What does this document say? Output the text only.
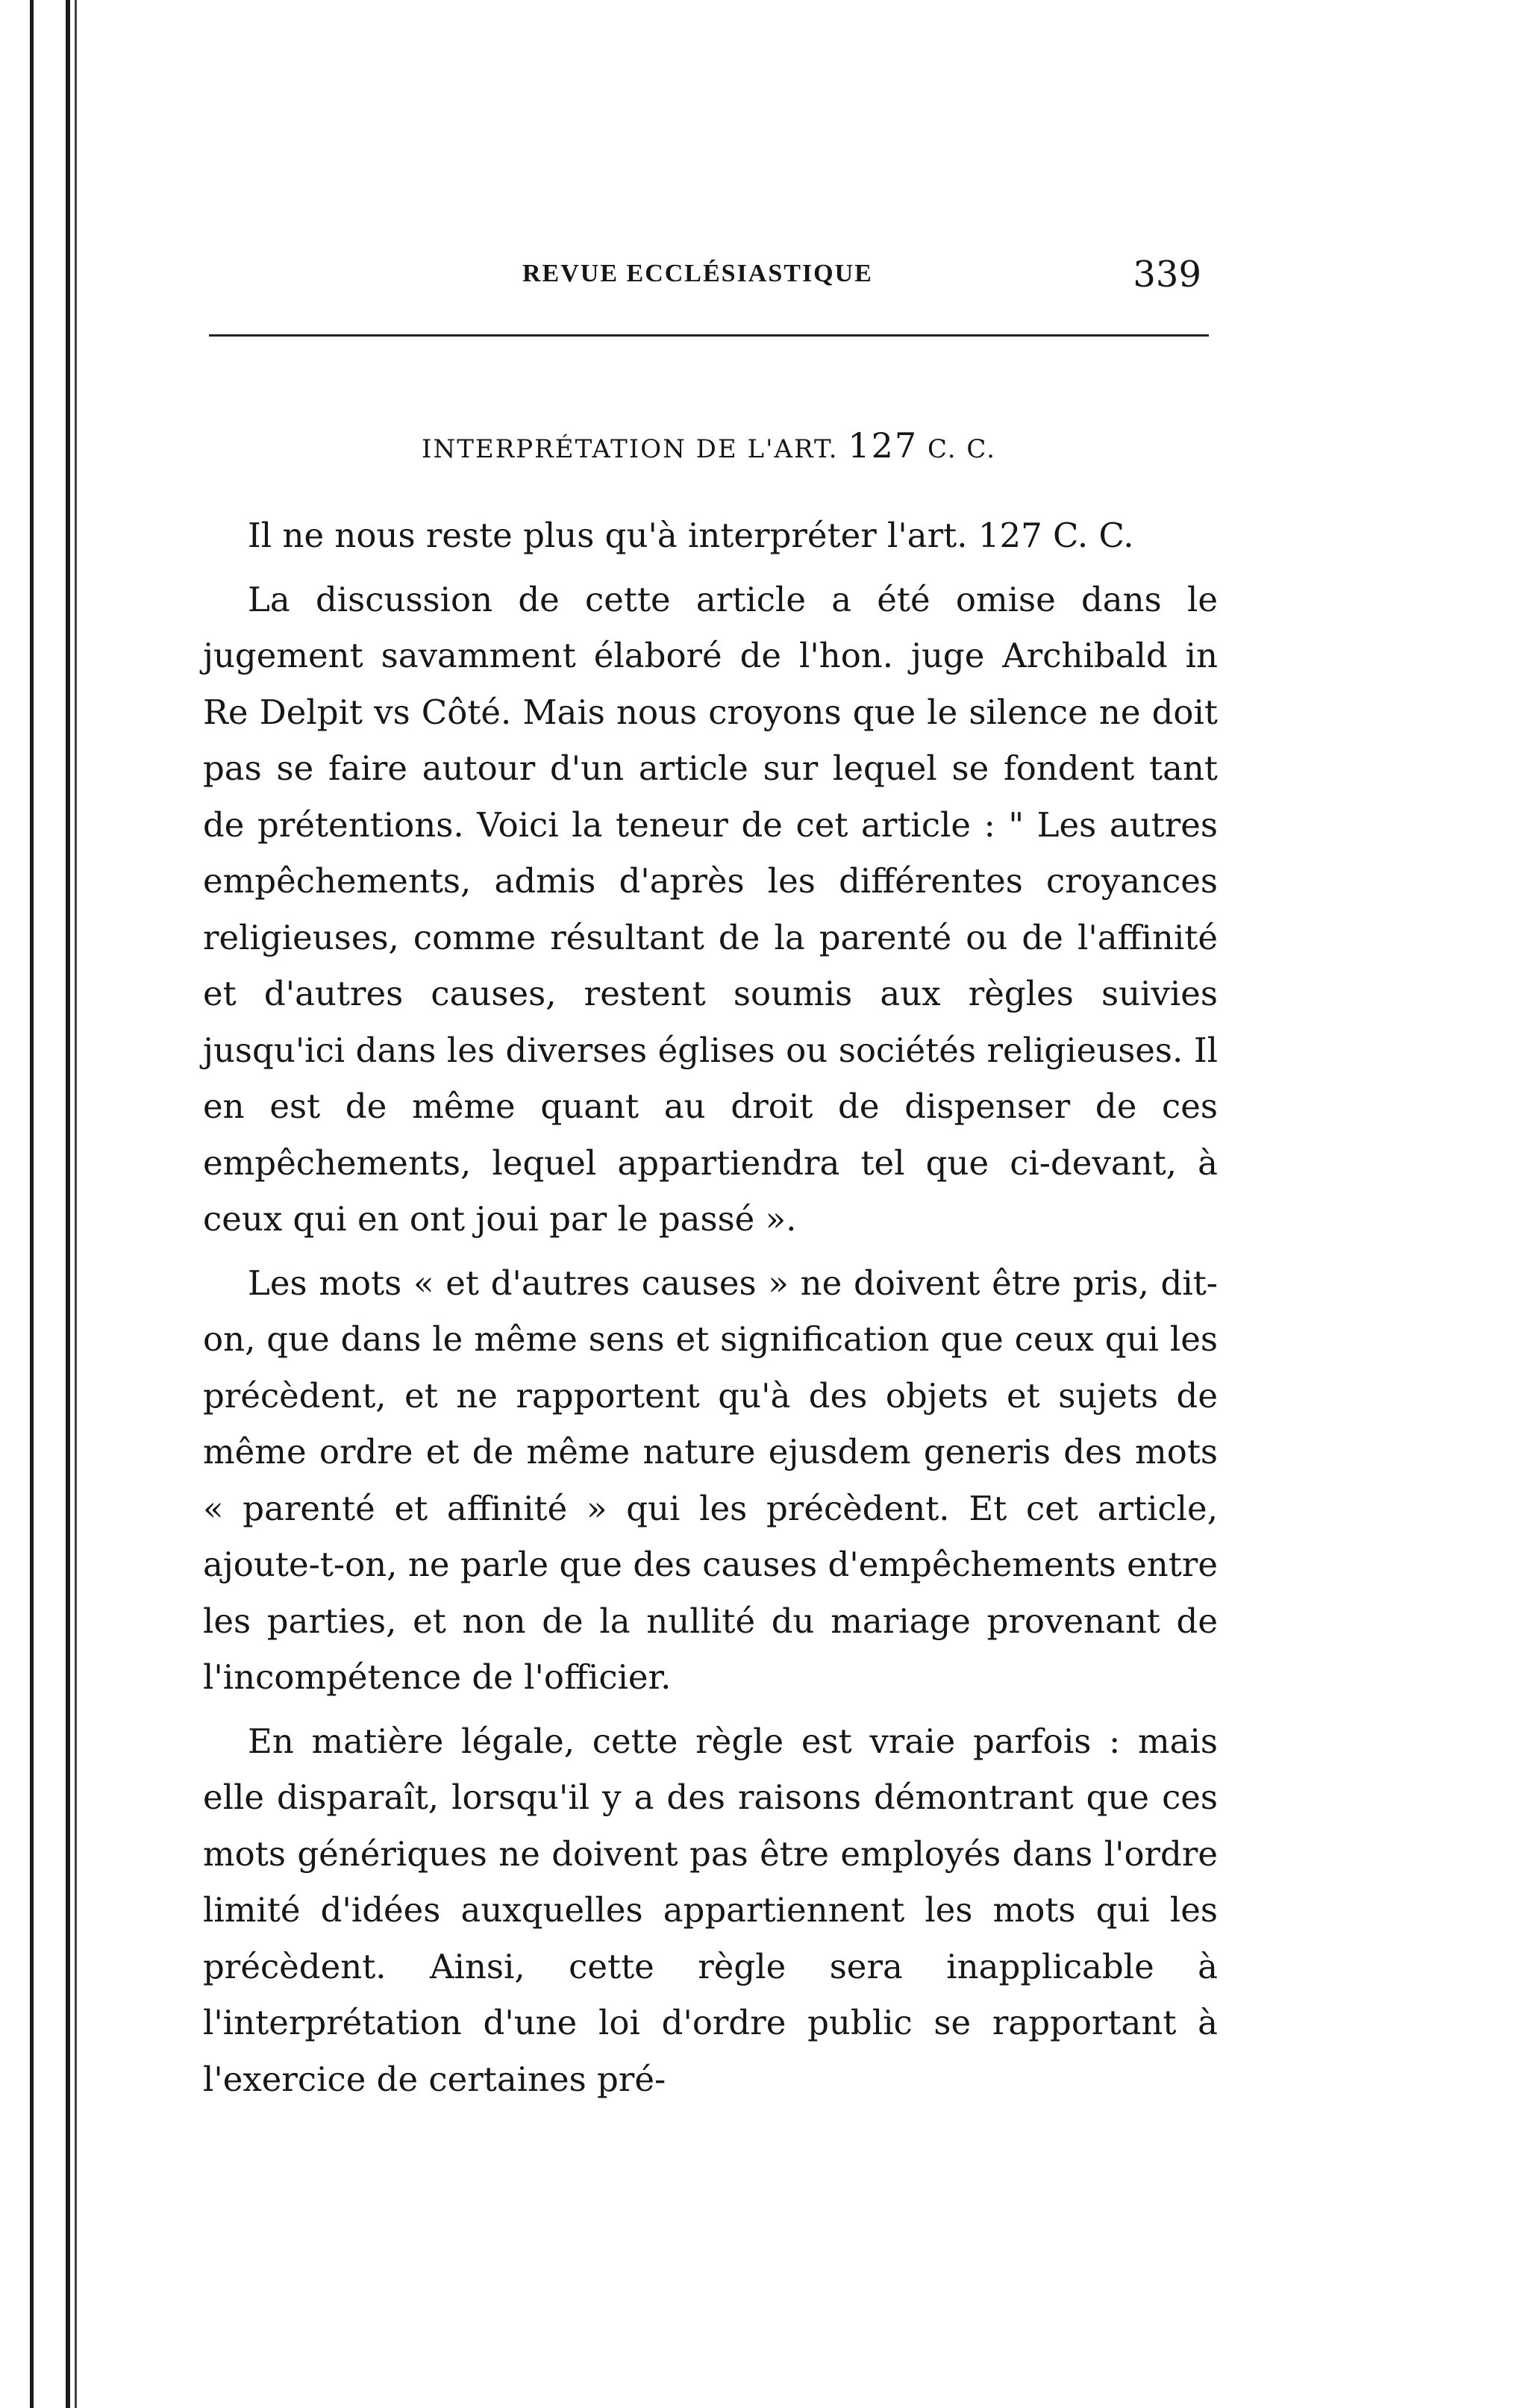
REVUE ECCLÉSIASTIQUE	339
INTERPRÉTATION DE L'ART. 127 C. C.

Il ne nous reste plus qu'à interpréter l'art. 127 C. C.

La discussion de cette article a été omise dans le jugement savamment élaboré de l'hon. juge Archibald in Re Delpit vs Côté. Mais nous croyons que le silence ne doit pas se faire autour d'un article sur lequel se fondent tant de prétentions. Voici la teneur de cet article : " Les autres empêchements, admis d'après les différentes croyances religieuses, comme résultant de la parenté ou de l'affinité et d'autres causes, restent soumis aux règles suivies jusqu'ici dans les diverses églises ou sociétés religieuses. Il en est de même quant au droit de dispenser de ces empêchements, lequel appartiendra tel que ci-devant, à ceux qui en ont joui par le passé ».

Les mots « et d'autres causes » ne doivent être pris, dit-on, que dans le même sens et signification que ceux qui les précèdent, et ne rapportent qu'à des objets et sujets de même ordre et de même nature ejusdem generis des mots « parenté et affinité » qui les précèdent. Et cet article, ajoute-t-on, ne parle que des causes d'empêchements entre les parties, et non de la nullité du mariage provenant de l'incompétence de l'officier.

En matière légale, cette règle est vraie parfois : mais elle disparaît, lorsqu'il y a des raisons démontrant que ces mots génériques ne doivent pas être employés dans l'ordre limité d'idées auxquelles appartiennent les mots qui les précèdent. Ainsi, cette règle sera inapplicable à l'interprétation d'une loi d'ordre public se rapportant à l'exercice de certaines pré-
